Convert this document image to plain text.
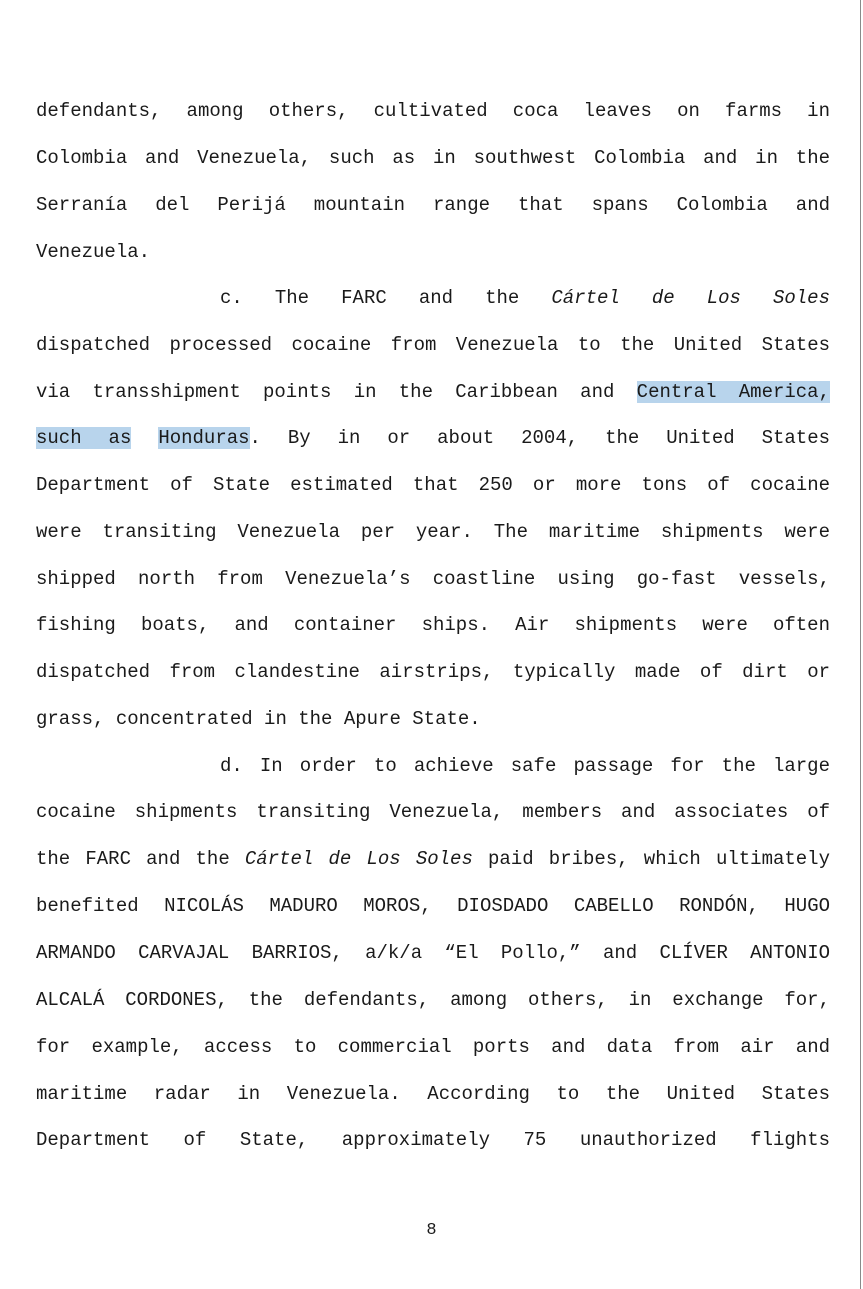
defendants, among others, cultivated coca leaves on farms in
Colombia and Venezuela, such as in southwest Colombia and in the
Serranía del Perijá mountain range that spans Colombia and
Venezuela.
c. The FARC and the Cártel de Los Soles
dispatched processed cocaine from Venezuela to the United States
via transshipment points in the Caribbean and Central America,
such as Honduras. By in or about 2004, the United States
Department of State estimated that 250 or more tons of cocaine
were transiting Venezuela per year. The maritime shipments were
shipped north from Venezuela’s coastline using go-fast vessels,
fishing boats, and container ships. Air shipments were often
dispatched from clandestine airstrips, typically made of dirt or
grass, concentrated in the Apure State.
d. In order to achieve safe passage for the large
cocaine shipments transiting Venezuela, members and associates of
the FARC and the Cártel de Los Soles paid bribes, which ultimately
benefited NICOLÁS MADURO MOROS, DIOSDADO CABELLO RONDÓN, HUGO
ARMANDO CARVAJAL BARRIOS, a/k/a “El Pollo,” and CLÍVER ANTONIO
ALCALÁ CORDONES, the defendants, among others, in exchange for,
for example, access to commercial ports and data from air and
maritime radar in Venezuela. According to the United States
Department of State, approximately 75 unauthorized flights
8
